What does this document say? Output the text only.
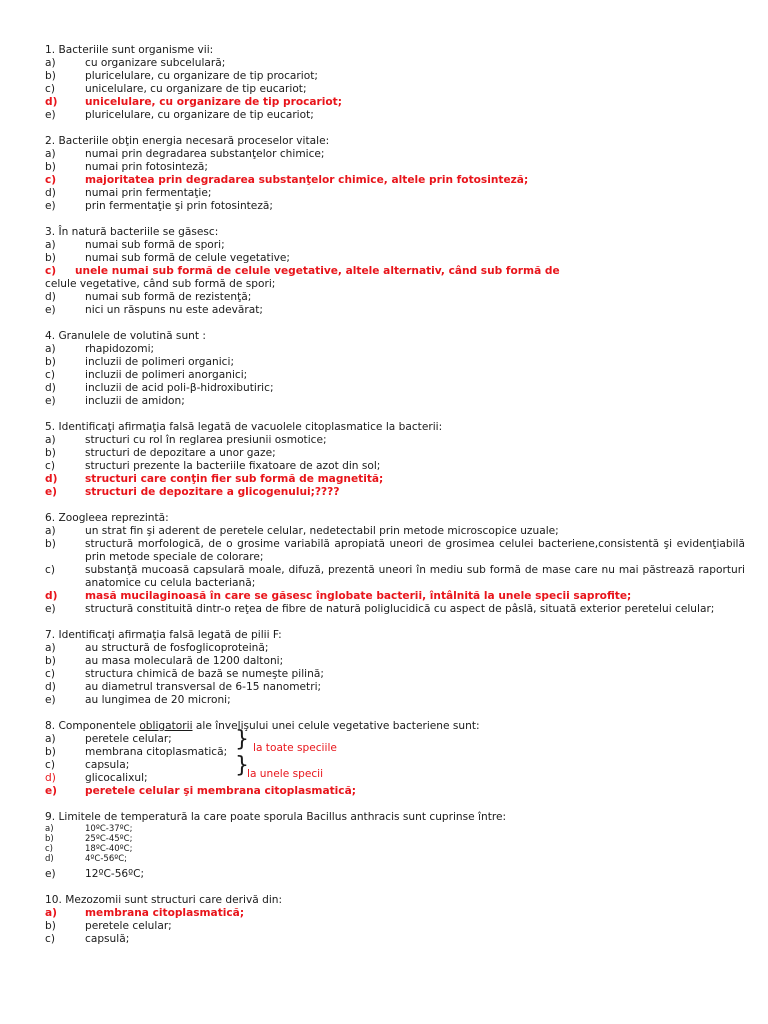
1. Bacteriile sunt organisme vii:
a)	cu organizare subcelulară;
b)	pluricelulare, cu organizare de tip procariot;
c)	unicelulare, cu organizare de tip eucariot;
d)	unicelulare, cu organizare de tip procariot;
e)	pluricelulare, cu organizare de tip eucariot;
2. Bacteriile obţin energia necesară proceselor vitale:
a)	numai prin degradarea substanţelor chimice;
b)	numai prin fotosinteză;
c)	majoritatea prin degradarea substanţelor chimice, altele prin fotosinteză;
d)	numai prin fermentaţie;
e)	prin fermentaţie şi prin fotosinteză;
3. În natură bacteriile se găsesc:
a)	numai sub formă de spori;
b)	numai sub formă de celule vegetative;
c) unele numai sub formă de celule vegetative, altele alternativ, când sub formă de
celule vegetative, când sub formă de spori;
d)	numai sub formă de rezistenţă;
e)	nici un răspuns nu este adevărat;
4. Granulele de volutină sunt :
a)	rhapidozomi;
b)	incluzii de polimeri organici;
c)	incluzii de polimeri anorganici;
d)	incluzii de acid poli-β-hidroxibutiric;
e)	incluzii de amidon;
5. Identificaţi afirmaţia falsă legată de vacuolele citoplasmatice la bacterii:
a)	structuri cu rol în reglarea presiunii osmotice;
b)	structuri de depozitare a unor gaze;
c)	structuri prezente la bacteriile fixatoare de azot din sol;
d)	structuri care conţin fier sub formă de magnetită;
e)	structuri de depozitare a glicogenului;????
6. Zoogleea reprezintă:
a)	un strat fin şi aderent de peretele celular, nedetectabil prin metode microscopice uzuale;
b)	structură morfologică, de o grosime variabilă apropiată uneori de grosimea celulei bacteriene,consistentă şi evidenţiabilă prin metode speciale de colorare;
c)	substanţă mucoasă capsulară moale, difuză, prezentă uneori în mediu sub formă de mase care nu mai păstrează raporturi anatomice cu celula bacteriană;
d)	masă mucilaginoasă în care se găsesc înglobate bacterii, întâlnită la unele specii saprofite;
e)	structură constituită dintr-o reţea de fibre de natură poliglucidică cu aspect de pâslă, situată exterior peretelui celular;
7. Identificaţi afirmaţia falsă legată de pilii F:
a)	au structură de fosfoglicoproteină;
b)	au masa moleculară de 1200 daltoni;
c)	structura chimică de bază se numeşte pilină;
d)	au diametrul transversal de 6-15 nanometri;
e)	au lungimea de 20 microni;
8. Componentele obligatorii ale învelişului unei celule vegetative bacteriene sunt:
a)	peretele celular;
b)	membrana citoplasmatică;
c)	capsula;
d)	glicocalixul;
e)	peretele celular şi membrana citoplasmatică;
} la toate speciile
}
la unele specii
9. Limitele de temperatură la care poate sporula Bacillus anthracis sunt cuprinse între:
a)	10ºC-37ºC;
b)	25ºC-45ºC;
c)	18ºC-40ºC;
d)	4ºC-56ºC;
e)	12ºC-56ºC;
10. Mezozomii sunt structuri care derivă din:
a)	membrana citoplasmatică;
b)	peretele celular;
c)	capsulă;
